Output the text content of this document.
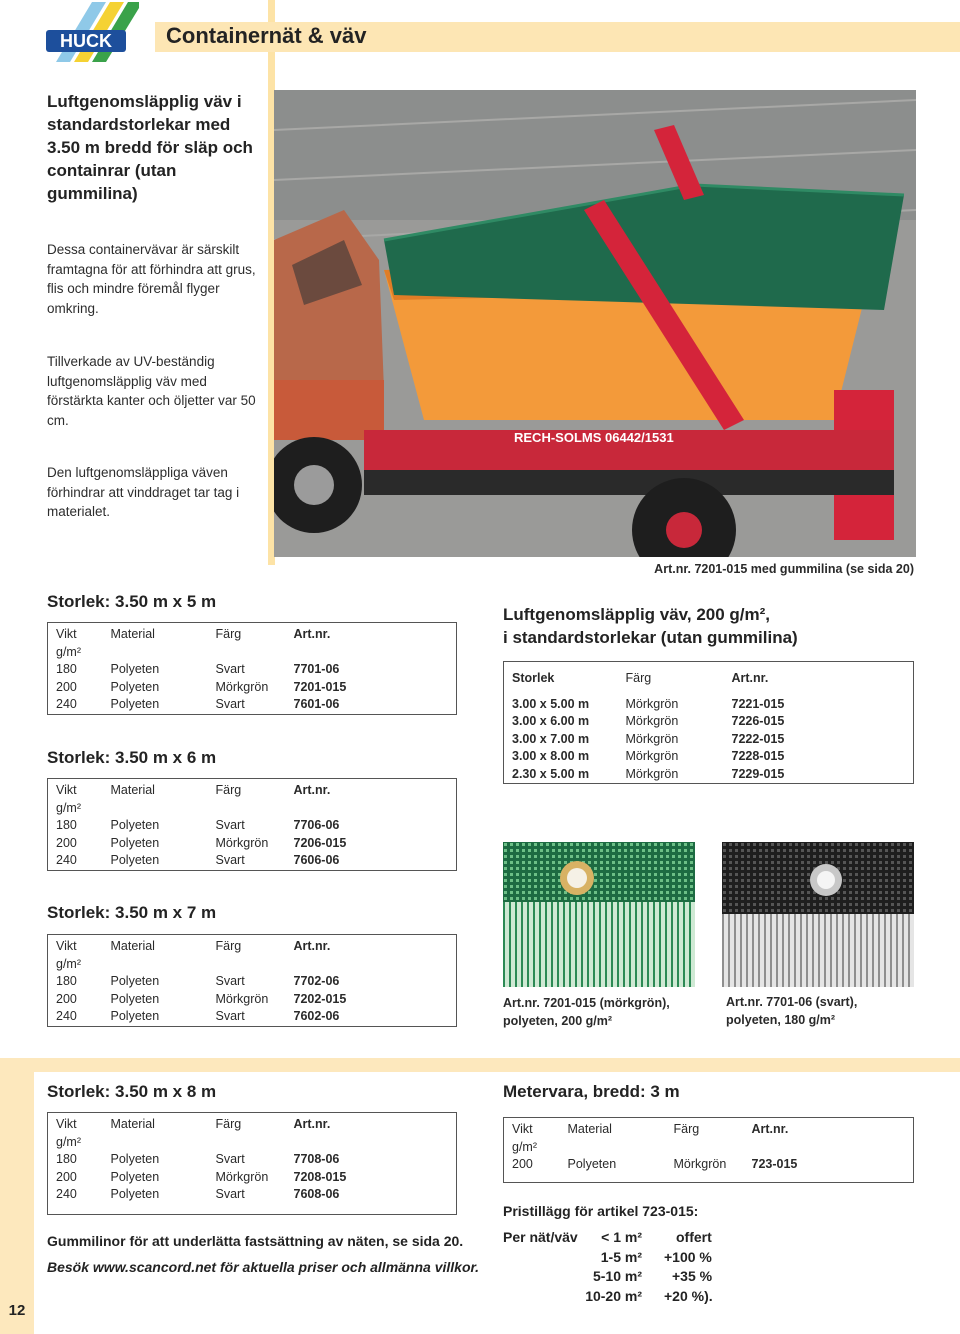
Containernät & väv
HUCK
Luftgenomsläpplig väv i standardstorlekar med 3.50 m bredd för släp och containrar (utan gummilina)
Dessa containervävar är särskilt framtagna för att förhindra att grus, flis och mindre föremål flyger omkring.
Tillverkade av UV-beständig luftgenomsläpplig väv med förstärkta kanter och öljetter var 50 cm.
Den luftgenomsläppliga väven förhindrar att vinddraget tar tag i materialet.
RECH-SOLMS 06442/1531
Art.nr. 7201-015 med gummilina (se sida 20)
Storlek: 3.50 m x 5 m
Vikt	Material	Färg	Art.nr.
g/m²			
180	Polyeten	Svart	7701-06
200	Polyeten	Mörkgrön	7201-015
240	Polyeten	Svart	7601-06
Storlek: 3.50 m x 6 m
Vikt	Material	Färg	Art.nr.
g/m²			
180	Polyeten	Svart	7706-06
200	Polyeten	Mörkgrön	7206-015
240	Polyeten	Svart	7606-06
Storlek: 3.50 m x 7 m
Vikt	Material	Färg	Art.nr.
g/m²			
180	Polyeten	Svart	7702-06
200	Polyeten	Mörkgrön	7202-015
240	Polyeten	Svart	7602-06
Luftgenomsläpplig väv, 200 g/m²,
i standardstorlekar (utan gummilina)
Storlek	Färg	Art.nr.
3.00 x 5.00 m	Mörkgrön	7221-015
3.00 x 6.00 m	Mörkgrön	7226-015
3.00 x 7.00 m	Mörkgrön	7222-015
3.00 x 8.00 m	Mörkgrön	7228-015
2.30 x 5.00 m	Mörkgrön	7229-015
Art.nr. 7201-015 (mörkgrön),
polyeten, 200 g/m²
Art.nr. 7701-06 (svart),
polyeten, 180 g/m²
12
Storlek: 3.50 m x 8 m
Vikt	Material	Färg	Art.nr.
g/m²			
180	Polyeten	Svart	7708-06
200	Polyeten	Mörkgrön	7208-015
240	Polyeten	Svart	7608-06
Metervara, bredd: 3 m
Vikt	Material	Färg	Art.nr.
g/m²			
200	Polyeten	Mörkgrön	723-015
Gummilinor för att underlätta fastsättning av näten, se sida 20.
Besök www.scancord.net för aktuella priser och allmänna villkor.
Pristillägg för artikel 723-015:
Per nät/väv	< 1 m² offert
1-5 m² +100 %
5-10 m² +35 %
10-20 m² +20 %).
